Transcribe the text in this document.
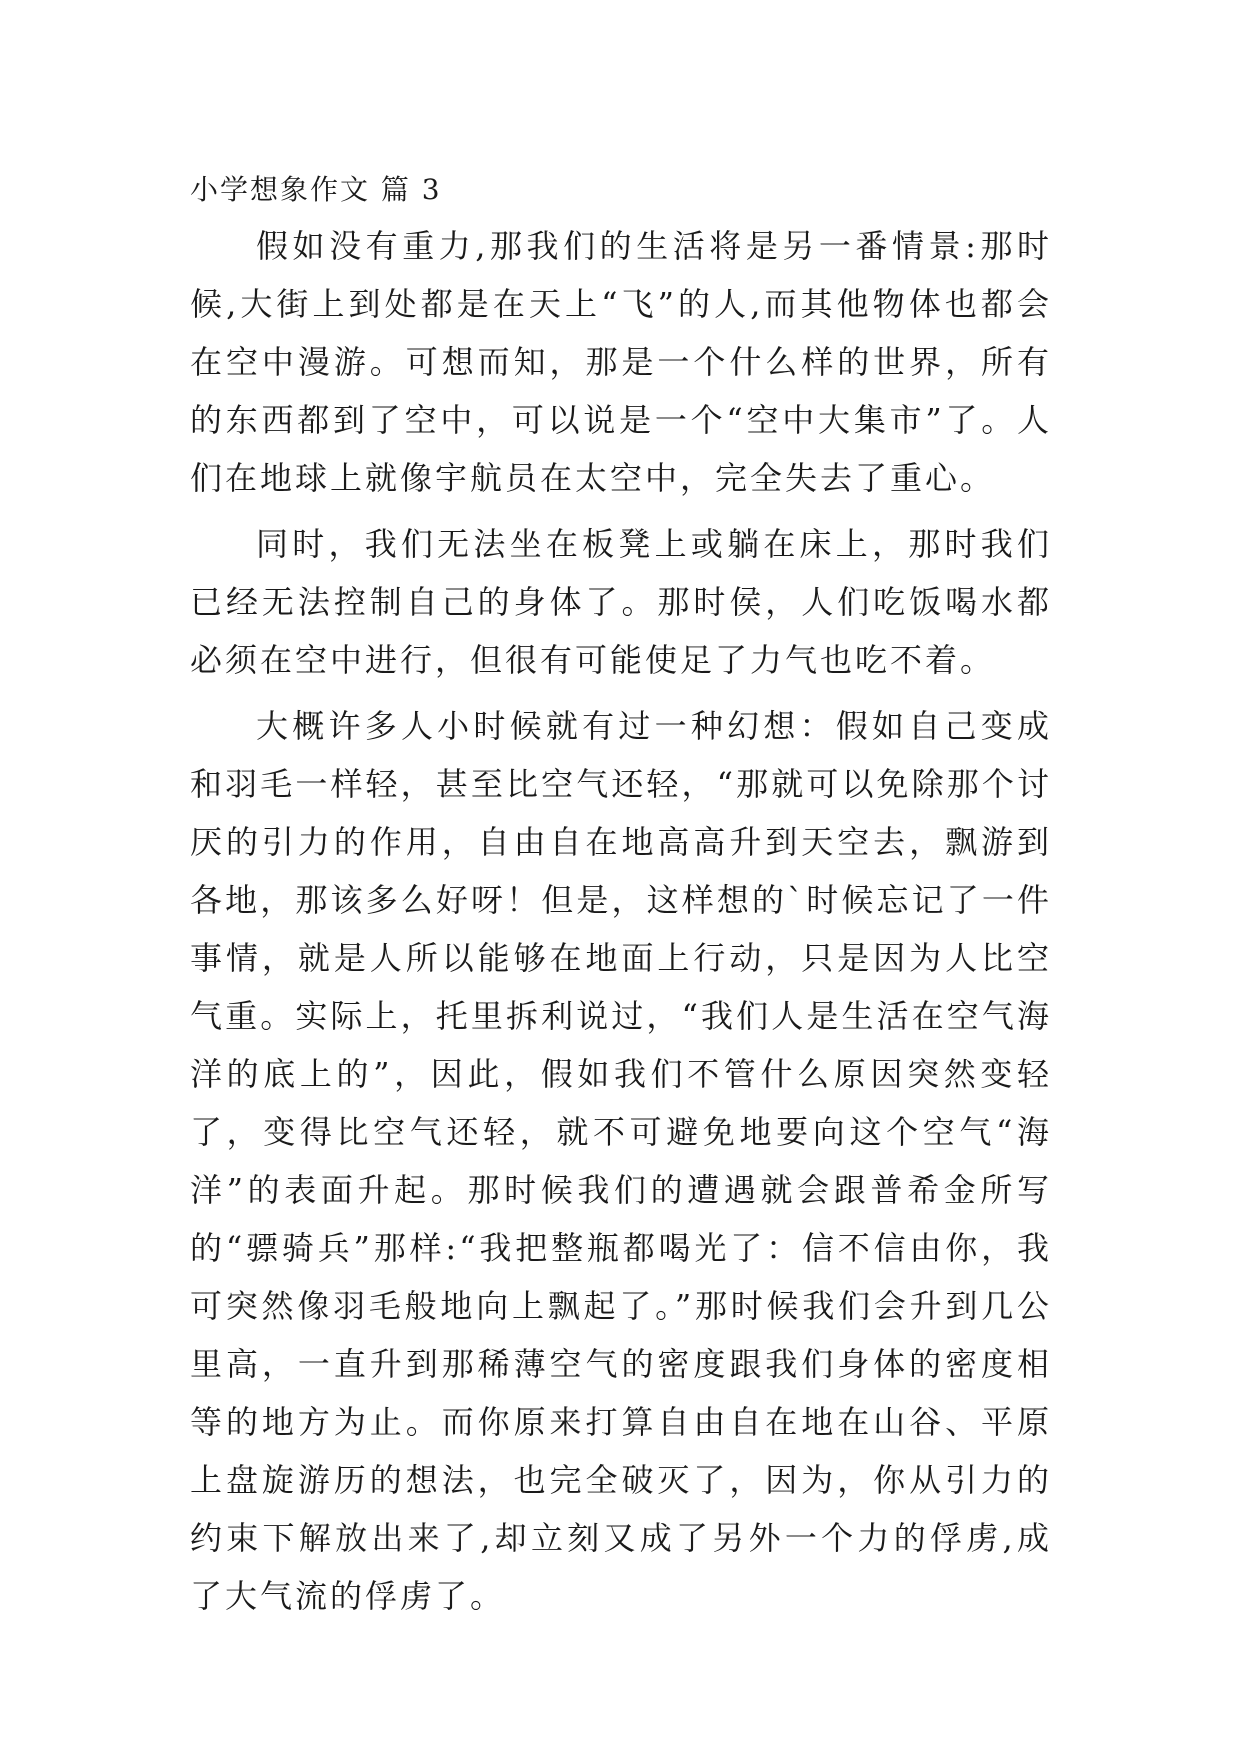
小学想象作文 篇 3

假如没有重力,那我们的生活将是另一番情景:那时候,大街上到处都是在天上“飞”的人,而其他物体也都会在空中漫游。可想而知，那是一个什么样的世界，所有的东西都到了空中，可以说是一个“空中大集市”了。人们在地球上就像宇航员在太空中，完全失去了重心。

同时，我们无法坐在板凳上或躺在床上，那时我们已经无法控制自己的身体了。那时侯，人们吃饭喝水都必须在空中进行，但很有可能使足了力气也吃不着。

大概许多人小时候就有过一种幻想：假如自己变成和羽毛一样轻，甚至比空气还轻，“那就可以免除那个讨厌的引力的作用，自由自在地高高升到天空去，飘游到各地，那该多么好呀！但是，这样想的`时候忘记了一件事情，就是人所以能够在地面上行动，只是因为人比空气重。实际上，托里拆利说过，“我们人是生活在空气海洋的底上的”，因此，假如我们不管什么原因突然变轻了，变得比空气还轻，就不可避免地要向这个空气“海洋”的表面升起。那时候我们的遭遇就会跟普希金所写的“骠骑兵”那样:“我把整瓶都喝光了：信不信由你，我可突然像羽毛般地向上飘起了。”那时候我们会升到几公里高，一直升到那稀薄空气的密度跟我们身体的密度相等的地方为止。而你原来打算自由自在地在山谷、平原上盘旋游历的想法，也完全破灭了，因为，你从引力的约束下解放出来了,却立刻又成了另外一个力的俘虏,成了大气流的俘虏了。
